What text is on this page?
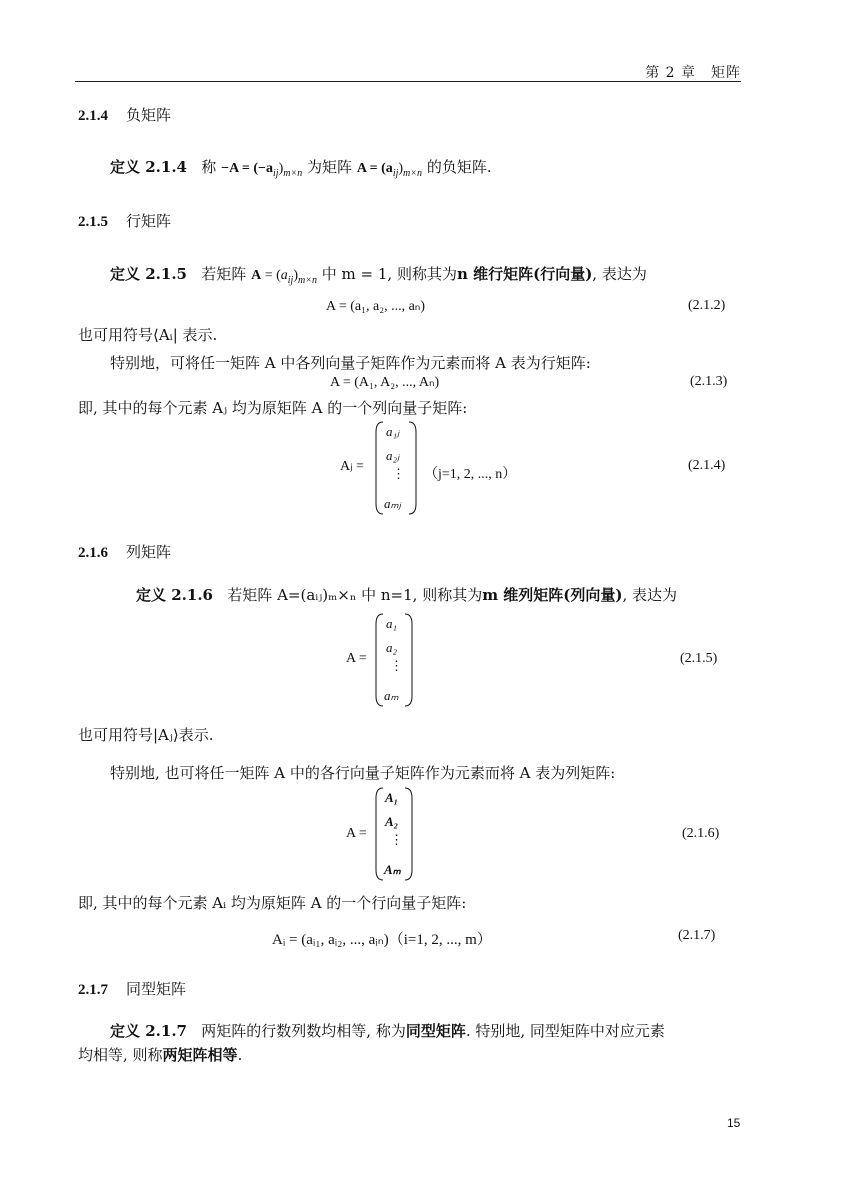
第 2 章　矩阵
2.1.4 负矩阵
定义 2.1.4 称 $-A = (-a_{ij})_{m\times n}$ 为矩阵 $A = (a_{ij})_{m\times n}$ 的负矩阵.
2.1.5 行矩阵
定义 2.1.5 若矩阵 $A = (a_{ij})_{m\times n}$ 中 m = 1, 则称其为n 维行矩阵(行向量), 表达为
A = (a₁, a₂, ..., aₙ)	(2.1.2)
也可用符号⟨Aᵢ| 表示.
特别地，可将任一矩阵 A 中各列向量子矩阵作为元素而将 A 表为行矩阵:
A = (A₁, A₂, ..., Aₙ)	(2.1.3)
即, 其中的每个元素 Aⱼ 均为原矩阵 A 的一个列向量子矩阵:
Aⱼ =
a₁ⱼ
a₂ⱼ
⋮
aₘⱼ
（j=1, 2, ..., n）
(2.1.4)
2.1.6 列矩阵
定义 2.1.6 若矩阵 A=(aᵢⱼ)ₘ×ₙ 中 n=1, 则称其为m 维列矩阵(列向量), 表达为
A =
a₁
a₂
⋮
aₘ
(2.1.5)
也可用符号|Aⱼ⟩表示.
特别地, 也可将任一矩阵 A 中的各行向量子矩阵作为元素而将 A 表为列矩阵:
A =
A₁
A₂
⋮
Aₘ
(2.1.6)
即, 其中的每个元素 Aᵢ 均为原矩阵 A 的一个行向量子矩阵:
Aᵢ = (aᵢ₁, aᵢ₂, ..., aᵢₙ)（i=1, 2, ..., m）	(2.1.7)
2.1.7 同型矩阵
定义 2.1.7 两矩阵的行数列数均相等, 称为同型矩阵. 特别地, 同型矩阵中对应元素
均相等, 则称两矩阵相等.
15
